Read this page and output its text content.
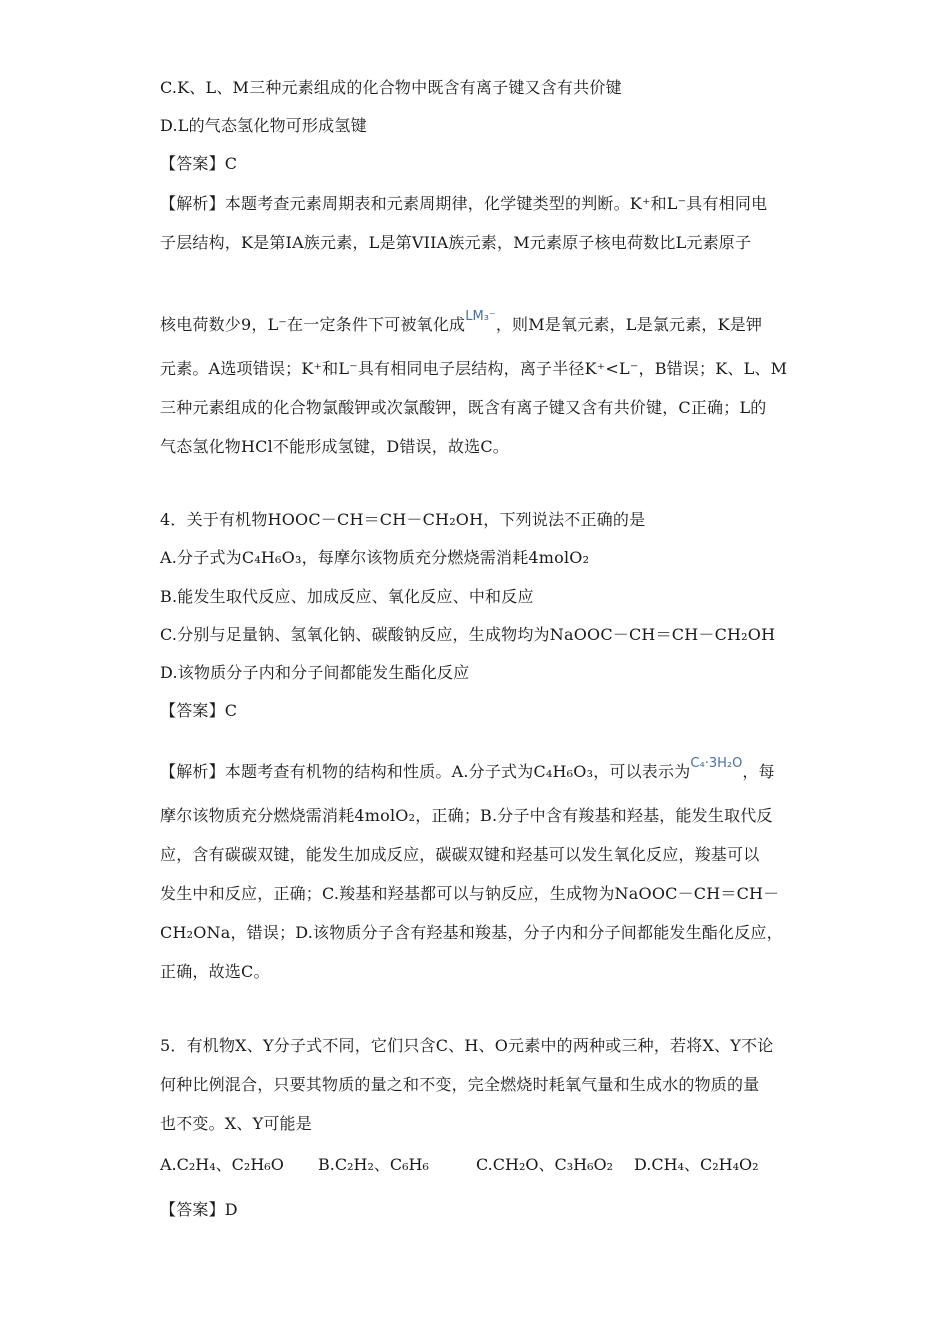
C.K、L、M三种元素组成的化合物中既含有离子键又含有共价键
D.L的气态氢化物可形成氢键
【答案】C
【解析】本题考查元素周期表和元素周期律，化学键类型的判断。K⁺和L⁻具有相同电
子层结构，K是第IA族元素，L是第VIIA族元素，M元素原子核电荷数比L元素原子
核电荷数少9，L⁻在一定条件下可被氧化成LM₃⁻，则M是氧元素，L是氯元素，K是钾
元素。A选项错误；K⁺和L⁻具有相同电子层结构，离子半径K⁺<L⁻，B错误；K、L、M
三种元素组成的化合物氯酸钾或次氯酸钾，既含有离子键又含有共价键，C正确；L的
气态氢化物HCl不能形成氢键，D错误，故选C。
4．关于有机物HOOC－CH＝CH－CH₂OH，下列说法不正确的是
A.分子式为C₄H₆O₃，每摩尔该物质充分燃烧需消耗4molO₂
B.能发生取代反应、加成反应、氧化反应、中和反应
C.分别与足量钠、氢氧化钠、碳酸钠反应，生成物均为NaOOC－CH＝CH－CH₂OH
D.该物质分子内和分子间都能发生酯化反应
【答案】C
【解析】本题考查有机物的结构和性质。A.分子式为C₄H₆O₃，可以表示为C₄·3H₂O，每
摩尔该物质充分燃烧需消耗4molO₂，正确；B.分子中含有羧基和羟基，能发生取代反
应，含有碳碳双键，能发生加成反应，碳碳双键和羟基可以发生氧化反应，羧基可以
发生中和反应，正确；C.羧基和羟基都可以与钠反应，生成物为NaOOC－CH＝CH－
CH₂ONa，错误；D.该物质分子含有羟基和羧基，分子内和分子间都能发生酯化反应，
正确，故选C。
5．有机物X、Y分子式不同，它们只含C、H、O元素中的两种或三种，若将X、Y不论
何种比例混合，只要其物质的量之和不变，完全燃烧时耗氧气量和生成水的物质的量
也不变。X、Y可能是
A.C₂H₄、C₂H₆O B.C₂H₂、C₆H₆	C.CH₂O、C₃H₆O₂ D.CH₄、C₂H₄O₂
【答案】D
